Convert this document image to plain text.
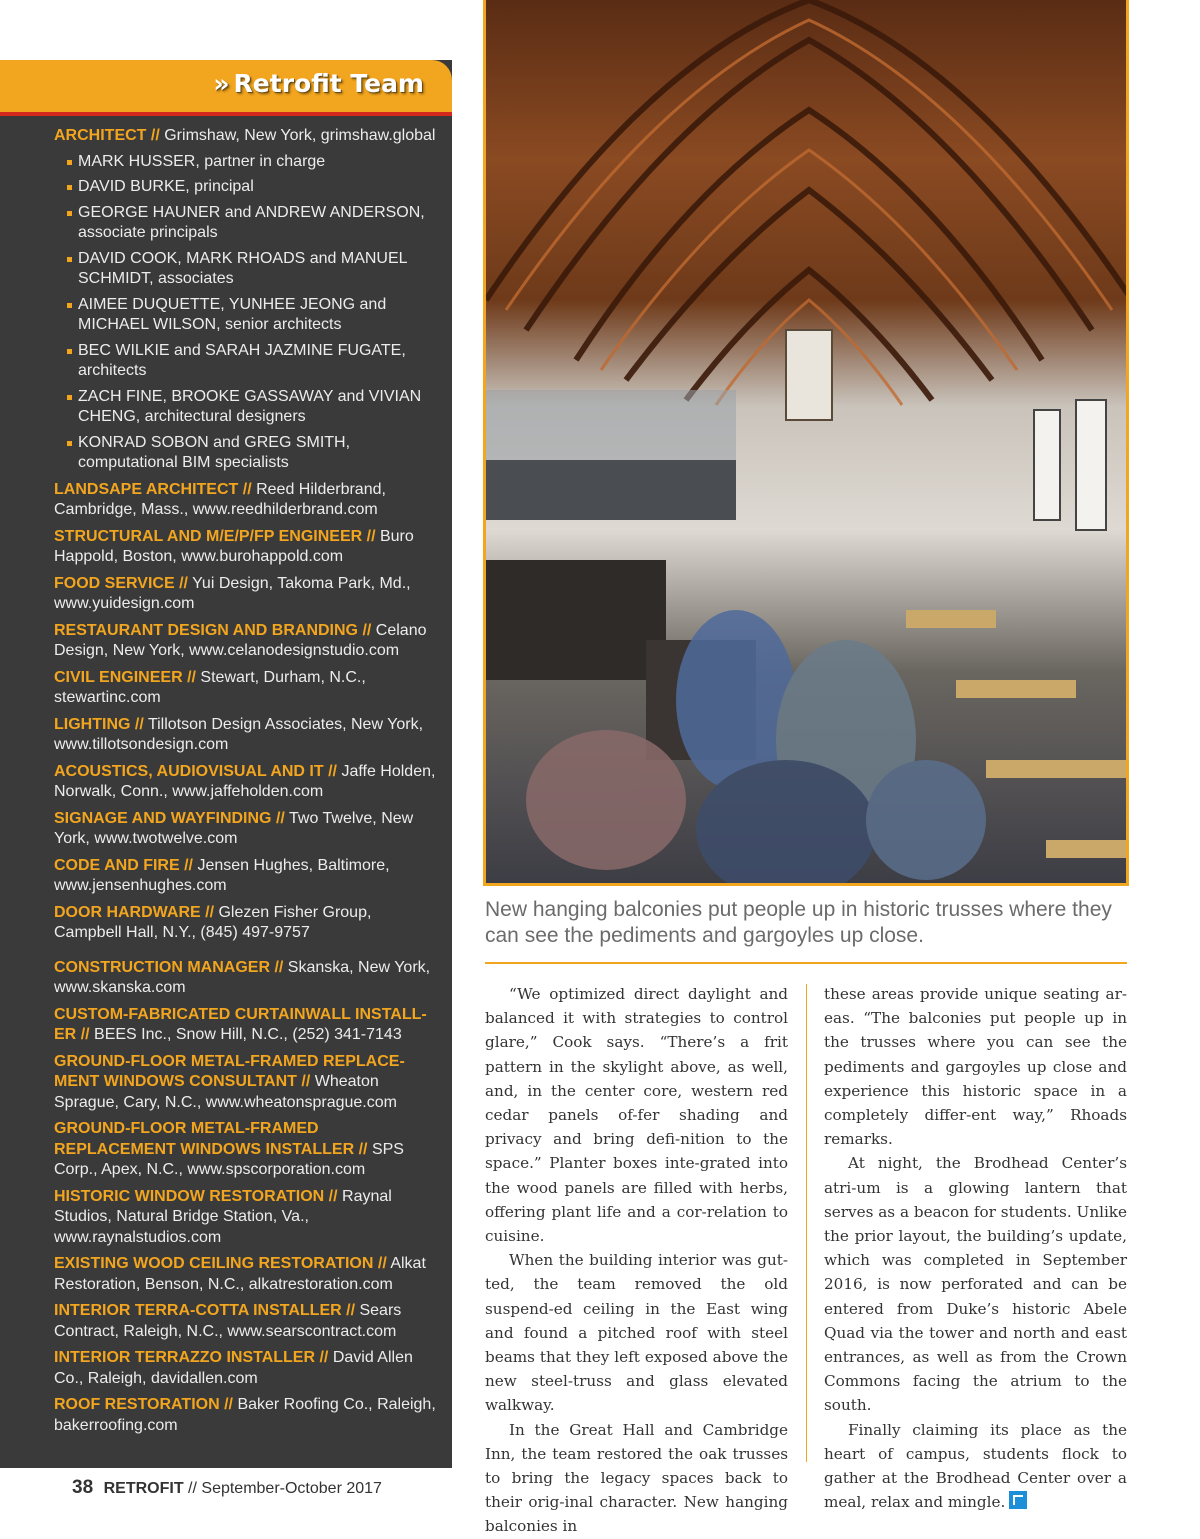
» Retrofit Team
ARCHITECT // Grimshaw, New York, grimshaw.global
MARK HUSSER, partner in charge
DAVID BURKE, principal
GEORGE HAUNER and ANDREW ANDERSON, associate principals
DAVID COOK, MARK RHOADS and MANUEL SCHMIDT, associates
AIMEE DUQUETTE, YUNHEE JEONG and MICHAEL WILSON, senior architects
BEC WILKIE and SARAH JAZMINE FUGATE, architects
ZACH FINE, BROOKE GASSAWAY and VIVIAN CHENG, architectural designers
KONRAD SOBON and GREG SMITH, computational BIM specialists
LANDSAPE ARCHITECT // Reed Hilderbrand, Cambridge, Mass., www.reedhilderbrand.com
STRUCTURAL AND M/E/P/FP ENGINEER // Buro Happold, Boston, www.burohappold.com
FOOD SERVICE // Yui Design, Takoma Park, Md., www.yuidesign.com
RESTAURANT DESIGN AND BRANDING // Celano Design, New York, www.celanodesignstudio.com
CIVIL ENGINEER // Stewart, Durham, N.C., stewartinc.com
LIGHTING // Tillotson Design Associates, New York, www.tillotsondesign.com
ACOUSTICS, AUDIOVISUAL AND IT // Jaffe Holden, Norwalk, Conn., www.jaffeholden.com
SIGNAGE AND WAYFINDING // Two Twelve, New York, www.twotwelve.com
CODE AND FIRE // Jensen Hughes, Baltimore, www.jensenhughes.com
DOOR HARDWARE // Glezen Fisher Group, Campbell Hall, N.Y., (845) 497-9757
CONSTRUCTION MANAGER // Skanska, New York, www.skanska.com
CUSTOM-FABRICATED CURTAINWALL INSTALL-ER // BEES Inc., Snow Hill, N.C., (252) 341-7143
GROUND-FLOOR METAL-FRAMED REPLACE-MENT WINDOWS CONSULTANT // Wheaton Sprague, Cary, N.C., www.wheatonsprague.com
GROUND-FLOOR METAL-FRAMED REPLACEMENT WINDOWS INSTALLER // SPS Corp., Apex, N.C., www.spscorporation.com
HISTORIC WINDOW RESTORATION // Raynal Studios, Natural Bridge Station, Va., www.raynalstudios.com
EXISTING WOOD CEILING RESTORATION // Alkat Restoration, Benson, N.C., alkatrestoration.com
INTERIOR TERRA-COTTA INSTALLER // Sears Contract, Raleigh, N.C., www.searscontract.com
INTERIOR TERRAZZO INSTALLER // David Allen Co., Raleigh, davidallen.com
ROOF RESTORATION // Baker Roofing Co., Raleigh, bakerroofing.com
New hanging balconies put people up in historic trusses where they can see the pediments and gargoyles up close.

“We optimized direct daylight and balanced it with strategies to control glare,” Cook says. “There’s a frit pattern in the skylight above, as well, and, in the center core, western red cedar panels of-fer shading and privacy and bring defi-nition to the space.” Planter boxes inte-grated into the wood panels are filled with herbs, offering plant life and a cor-relation to cuisine.

When the building interior was gut-ted, the team removed the old suspend-ed ceiling in the East wing and found a pitched roof with steel beams that they left exposed above the new steel-truss and glass elevated walkway.

In the Great Hall and Cambridge Inn, the team restored the oak trusses to bring the legacy spaces back to their orig-inal character. New hanging balconies in

these areas provide unique seating ar-eas. “The balconies put people up in the trusses where you can see the pediments and gargoyles up close and experience this historic space in a completely differ-ent way,” Rhoads remarks.

At night, the Brodhead Center’s atri-um is a glowing lantern that serves as a beacon for students. Unlike the prior layout, the building’s update, which was completed in September 2016, is now perforated and can be entered from Duke’s historic Abele Quad via the tower and north and east entrances, as well as from the Crown Commons facing the atrium to the south.

Finally claiming its place as the heart of campus, students flock to gather at the Brodhead Center over a meal, relax and mingle.

38 RETROFIT // September-October 2017
